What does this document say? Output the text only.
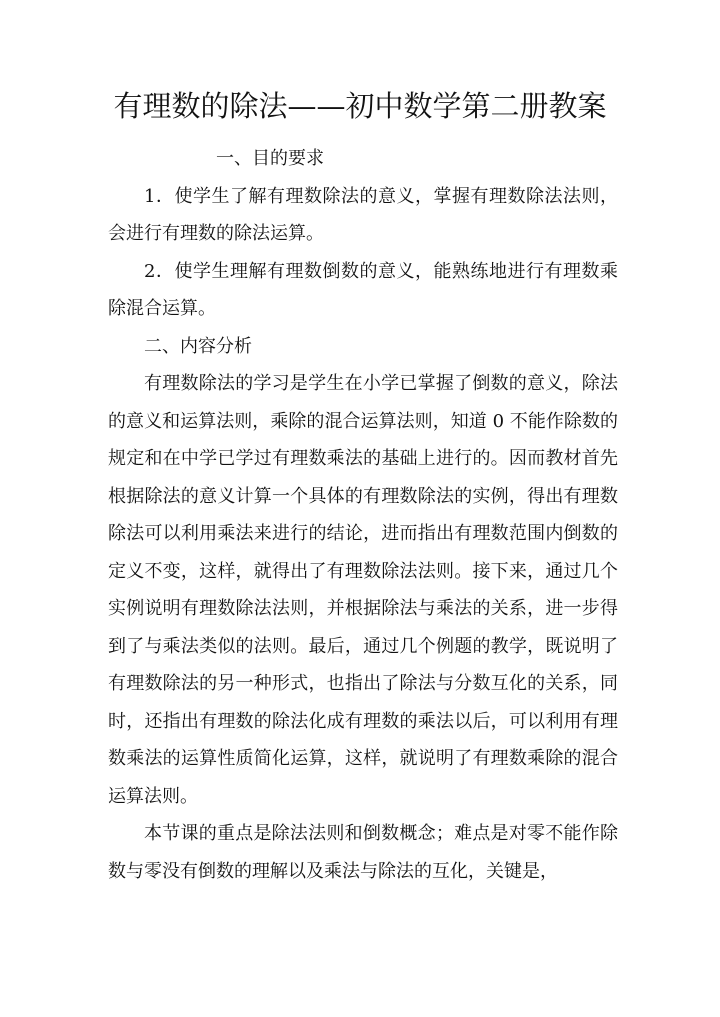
有理数的除法——初中数学第二册教案

一、目的要求

1．使学生了解有理数除法的意义，掌握有理数除法法则，会进行有理数的除法运算。

2．使学生理解有理数倒数的意义，能熟练地进行有理数乘除混合运算。

二、内容分析

有理数除法的学习是学生在小学已掌握了倒数的意义，除法的意义和运算法则，乘除的混合运算法则，知道 0 不能作除数的规定和在中学已学过有理数乘法的基础上进行的。因而教材首先根据除法的意义计算一个具体的有理数除法的实例，得出有理数除法可以利用乘法来进行的结论，进而指出有理数范围内倒数的定义不变，这样，就得出了有理数除法法则。接下来，通过几个实例说明有理数除法法则，并根据除法与乘法的关系，进一步得到了与乘法类似的法则。最后，通过几个例题的教学，既说明了有理数除法的另一种形式，也指出了除法与分数互化的关系，同时，还指出有理数的除法化成有理数的乘法以后，可以利用有理数乘法的运算性质简化运算，这样，就说明了有理数乘除的混合运算法则。

本节课的重点是除法法则和倒数概念；难点是对零不能作除数与零没有倒数的理解以及乘法与除法的互化，关键是，
